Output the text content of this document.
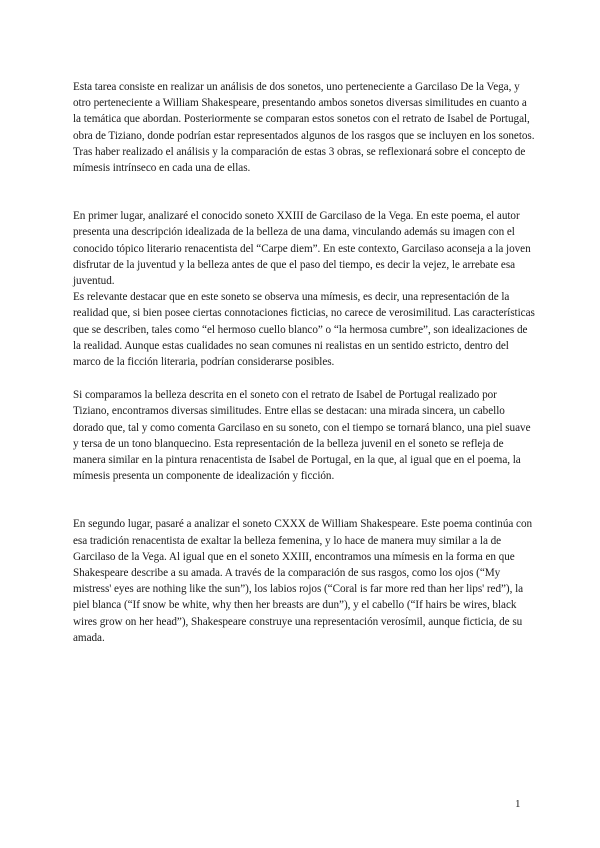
Esta tarea consiste en realizar un análisis de dos sonetos, uno perteneciente a Garcilaso De la Vega, y otro perteneciente a William Shakespeare, presentando ambos sonetos diversas similitudes en cuanto a la temática que abordan. Posteriormente se comparan estos sonetos con el retrato de Isabel de Portugal, obra de Tiziano, donde podrían estar representados algunos de los rasgos que se incluyen en los sonetos. Tras haber realizado el análisis y la comparación de estas 3 obras, se reflexionará sobre el concepto de mímesis intrínseco en cada una de ellas.

En primer lugar, analizaré el conocido soneto XXIII de Garcilaso de la Vega. En este poema, el autor presenta una descripción idealizada de la belleza de una dama, vinculando además su imagen con el conocido tópico literario renacentista del “Carpe diem”. En este contexto, Garcilaso aconseja a la joven disfrutar de la juventud y la belleza antes de que el paso del tiempo, es decir la vejez, le arrebate esa juventud.

Es relevante destacar que en este soneto se observa una mímesis, es decir, una representación de la realidad que, si bien posee ciertas connotaciones ficticias, no carece de verosimilitud. Las características que se describen, tales como “el hermoso cuello blanco” o “la hermosa cumbre”, son idealizaciones de la realidad. Aunque estas cualidades no sean comunes ni realistas en un sentido estricto, dentro del marco de la ficción literaria, podrían considerarse posibles.

Si comparamos la belleza descrita en el soneto con el retrato de Isabel de Portugal realizado por Tiziano, encontramos diversas similitudes. Entre ellas se destacan: una mirada sincera, un cabello dorado que, tal y como comenta Garcilaso en su soneto, con el tiempo se tornará blanco, una piel suave y tersa de un tono blanquecino. Esta representación de la belleza juvenil en el soneto se refleja de manera similar en la pintura renacentista de Isabel de Portugal, en la que, al igual que en el poema, la mímesis presenta un componente de idealización y ficción.

En segundo lugar, pasaré a analizar el soneto CXXX de William Shakespeare. Este poema continúa con esa tradición renacentista de exaltar la belleza femenina, y lo hace de manera muy similar a la de Garcilaso de la Vega. Al igual que en el soneto XXIII, encontramos una mímesis en la forma en que Shakespeare describe a su amada. A través de la comparación de sus rasgos, como los ojos (“My mistress' eyes are nothing like the sun”), los labios rojos (“Coral is far more red than her lips' red”), la piel blanca (“If snow be white, why then her breasts are dun”), y el cabello (“If hairs be wires, black wires grow on her head”), Shakespeare construye una representación verosímil, aunque ficticia, de su amada.

1
